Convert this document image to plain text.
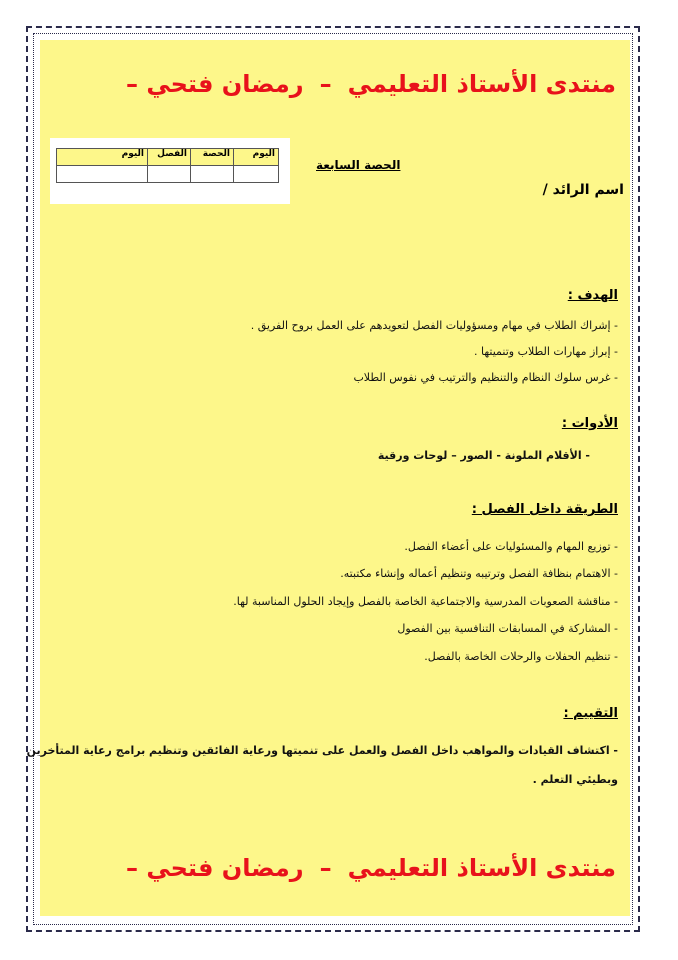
منتدى الأستاذ التعليمي–رمضان فتحي –
اليوم	الحصة	الفصل	اليوم

الحصة السابعة
اسم الرائد /
الهدف :
- إشراك الطلاب في مهام ومسؤوليات الفصل لتعويدهم على العمل بروح الفريق .
- إبراز مهارات الطلاب وتنميتها .
- غرس سلوك النظام والتنظيم والترتيب في نفوس الطلاب
الأدوات :
- الأقلام الملونة - الصور – لوحات ورقية
الطريقة داخل الفصل :
- توزيع المهام والمسئوليات على أعضاء الفصل.
- الاهتمام بنظافة الفصل وترتيبه وتنظيم أعماله وإنشاء مكتبته.
- مناقشة الصعوبات المدرسية والاجتماعية الخاصة بالفصل وإيجاد الحلول المناسبة لها.
- المشاركة في المسابقات التنافسية بين الفصول
- تنظيم الحفلات والرحلات الخاصة بالفصل.
التقييم :
- اكتشاف القيادات والمواهب داخل الفصل والعمل على تنميتها ورعاية الفائقين وتنظيم برامج رعاية المتأخرين
وبطيئي التعلم .
منتدى الأستاذ التعليمي–رمضان فتحي –
